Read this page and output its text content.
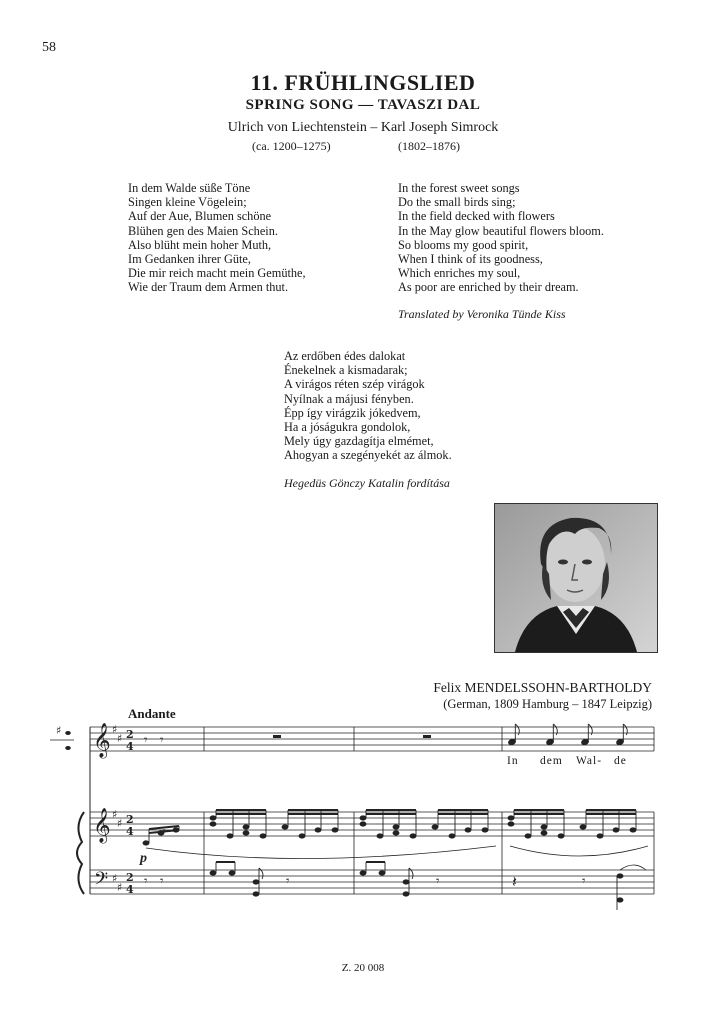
58
11. FRÜHLINGSLIED
SPRING SONG — TAVASZI DAL
Ulrich von Liechtenstein – Karl Joseph Simrock
(ca. 1200–1275)	(1802–1876)
In dem Walde süße Töne
Singen kleine Vögelein;
Auf der Aue, Blumen schöne
Blühen gen des Maien Schein.
Also blüht mein hoher Muth,
Im Gedanken ihrer Güte,
Die mir reich macht mein Gemüthe,
Wie der Traum dem Armen thut.
In the forest sweet songs
Do the small birds sing;
In the field decked with flowers
In the May glow beautiful flowers bloom.
So blooms my good spirit,
When I think of its goodness,
Which enriches my soul,
As poor are enriched by their dream.
Translated by Veronika Tünde Kiss
Az erdőben édes dalokat
Énekelnek a kismadarak;
A virágos réten szép virágok
Nyílnak a májusi fényben.
Épp így virágzik jókedvem,
Ha a jóságukra gondolok,
Mely úgy gazdagítja elmémet,
Ahogyan a szegényekét az álmok.
Hegedüs Gönczy Katalin fordítása
Felix MENDELSSOHN-BARTHOLDY
(German, 1809 Hamburg – 1847 Leipzig)
Andante
𝄞
𝄞
𝄢
♯
♯
♯
♯
♯
♯
2
4
2
4
2
4
♯
𝄾 𝄾
p
𝄾 𝄾	𝄾	𝄾	𝄽	𝄾
In dem Wal- de
Z. 20 008
